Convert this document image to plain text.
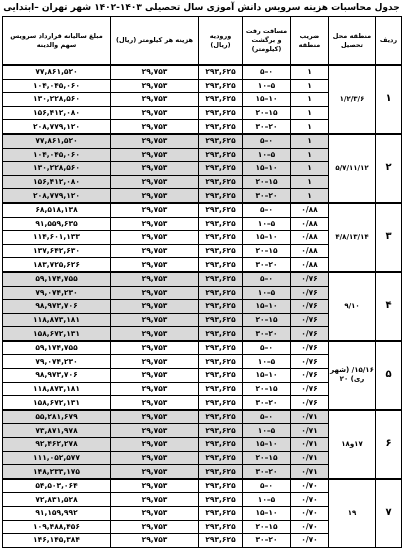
جدول محاسبات هزینه سرویس دانش آموزی سال تحصیلی ۱۴۰۳-۱۴۰۲ شهر تهران –ابتدایی
ردیف	منطقه محل تحصیل	ضریب منطقه	مسافت رفت و برگشت (کیلومتر)	ورودیه (ریال)	هزینه هر کیلومتر (ریال)	مبلغ سالیانه قرارداد سرویس سهم والدینه
۱	۱/۲/۳/۶	۱	۰–۵	۲۹۳,۶۲۵	۲۹,۷۵۳	۷۷,۸۶۱,۵۲۰
		۱	۵–۱۰	۲۹۳,۶۲۵	۲۹,۷۵۳	۱۰۴,۰۴۵,۰۶۰
		۱	۱۰–۱۵	۲۹۳,۶۲۵	۲۹,۷۵۳	۱۳۰,۲۲۸,۵۶۰
		۱	۱۵–۲۰	۲۹۳,۶۲۵	۲۹,۷۵۳	۱۵۶,۴۱۲,۰۸۰
		۱	۲۰–۳۰	۲۹۳,۶۲۵	۲۹,۷۵۳	۲۰۸,۷۷۹,۱۲۰
۲	۵/۷/۱۱/۱۲	۱	۰–۵	۲۹۳,۶۲۵	۲۹,۷۵۳	۷۷,۸۶۱,۵۲۰
		۱	۵–۱۰	۲۹۳,۶۲۵	۲۹,۷۵۳	۱۰۴,۰۴۵,۰۶۰
		۱	۱۰–۱۵	۲۹۳,۶۲۵	۲۹,۷۵۳	۱۳۰,۲۲۸,۵۶۰
		۱	۱۵–۲۰	۲۹۳,۶۲۵	۲۹,۷۵۳	۱۵۶,۴۱۲,۰۸۰
		۱	۲۰–۳۰	۲۹۳,۶۲۵	۲۹,۷۵۳	۲۰۸,۷۷۹,۱۲۰
۳	۴/۸/۱۳/۱۴	۰/۸۸	۰–۵	۲۹۳,۶۲۵	۲۹,۷۵۳	۶۸,۵۱۸,۱۳۸
		۰/۸۸	۵–۱۰	۲۹۳,۶۲۵	۲۹,۷۵۳	۹۱,۵۵۹,۶۳۵
		۰/۸۸	۱۰–۱۵	۲۹۳,۶۲۵	۲۹,۷۵۳	۱۱۴,۶۰۱,۱۳۳
		۰/۸۸	۱۵–۲۰	۲۹۳,۶۲۵	۲۹,۷۵۳	۱۳۷,۶۴۲,۶۳۰
		۰/۸۸	۲۰–۳۰	۲۹۳,۶۲۵	۲۹,۷۵۳	۱۸۳,۷۲۵,۶۲۶
۴	۹/۱۰	۰/۷۶	۰–۵	۲۹۳,۶۲۵	۲۹,۷۵۳	۵۹,۱۷۴,۷۵۵
		۰/۷۶	۵–۱۰	۲۹۳,۶۲۵	۲۹,۷۵۳	۷۹,۰۷۴,۲۳۰
		۰/۷۶	۱۰–۱۵	۲۹۳,۶۲۵	۲۹,۷۵۳	۹۸,۹۷۳,۷۰۶
		۰/۷۶	۱۵–۲۰	۲۹۳,۶۲۵	۲۹,۷۵۳	۱۱۸,۸۷۳,۱۸۱
		۰/۷۶	۲۰–۳۰	۲۹۳,۶۲۵	۲۹,۷۵۳	۱۵۸,۶۷۲,۱۳۱
۵	۱۵/۱۶/ (شهر ری) ۲۰	۰/۷۶	۰–۵	۲۹۳,۶۲۵	۲۹,۷۵۳	۵۹,۱۷۴,۷۵۵
		۰/۷۶	۵–۱۰	۲۹۳,۶۲۵	۲۹,۷۵۳	۷۹,۰۷۴,۲۳۰
		۰/۷۶	۱۰–۱۵	۲۹۳,۶۲۵	۲۹,۷۵۳	۹۸,۹۷۳,۷۰۶
		۰/۷۶	۱۵–۲۰	۲۹۳,۶۲۵	۲۹,۷۵۳	۱۱۸,۸۷۳,۱۸۱
		۰/۷۶	۲۰–۳۰	۲۹۳,۶۲۵	۲۹,۷۵۳	۱۵۸,۶۷۲,۱۳۱
۶	۱۷و۱۸	۰/۷۱	۰–۵	۲۹۳,۶۲۵	۲۹,۷۵۳	۵۵,۲۸۱,۶۷۹
		۰/۷۱	۵–۱۰	۲۹۳,۶۲۵	۲۹,۷۵۳	۷۳,۸۷۱,۹۷۸
		۰/۷۱	۱۰–۱۵	۲۹۳,۶۲۵	۲۹,۷۵۳	۹۲,۴۶۲,۲۷۸
		۰/۷۱	۱۵–۲۰	۲۹۳,۶۲۵	۲۹,۷۵۳	۱۱۱,۰۵۲,۵۷۷
		۰/۷۱	۲۰–۳۰	۲۹۳,۶۲۵	۲۹,۷۵۳	۱۴۸,۲۳۳,۱۷۵
۷	۱۹	۰/۷۰	۰–۵	۲۹۳,۶۲۵	۲۹,۷۵۳	۵۴,۵۰۳,۰۶۴
		۰/۷۰	۵–۱۰	۲۹۳,۶۲۵	۲۹,۷۵۳	۷۲,۸۳۱,۵۲۸
		۰/۷۰	۱۰–۱۵	۲۹۳,۶۲۵	۲۹,۷۵۳	۹۱,۱۵۹,۹۹۲
		۰/۷۰	۱۵–۲۰	۲۹۳,۶۲۵	۲۹,۷۵۳	۱۰۹,۴۸۸,۴۵۶
		۰/۷۰	۲۰–۳۰	۲۹۳,۶۲۵	۲۹,۷۵۳	۱۴۶,۱۴۵,۳۸۴
